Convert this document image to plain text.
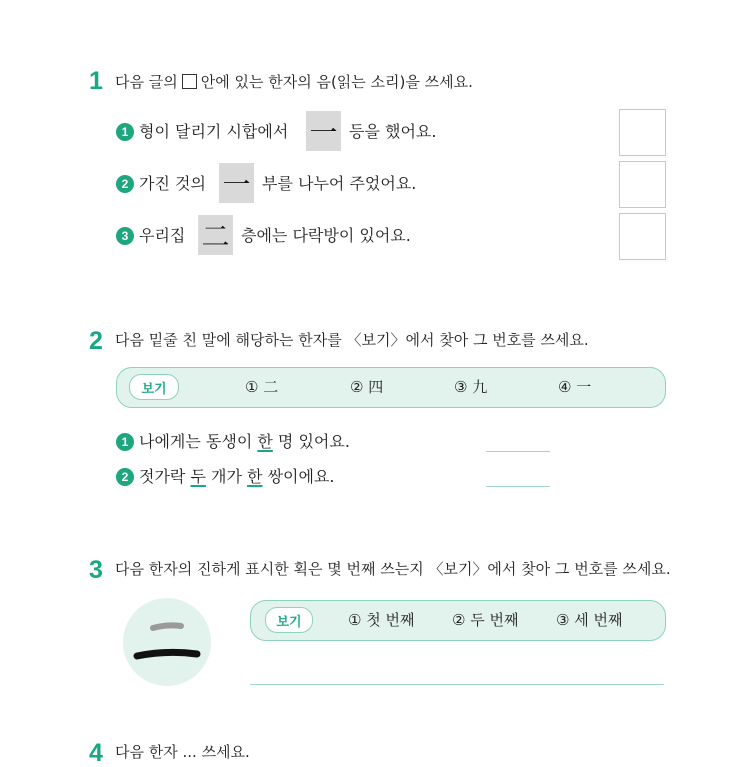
1 다음 글의 안에 있는 한자의 음(읽는 소리)을 쓰세요.
1 형이 달리기 시합에서 一 등을 했어요.
2 가진 것의 一 부를 나누어 주었어요.
3 우리집 二 층에는 다락방이 있어요.
2 다음 밑줄 친 말에 해당하는 한자를 〈보기〉에서 찾아 그 번호를 쓰세요.
보기	① 二	② 四	③ 九	④ 一
1 나에게는 동생이 한 명 있어요.
2 젓가락 두 개가 한 쌍이에요.
3 다음 한자의 진하게 표시한 획은 몇 번째 쓰는지 〈보기〉에서 찾아 그 번호를 쓰세요.
보기	① 첫 번째	② 두 번째	③ 세 번째
4 다음 한자 ... 쓰세요.
